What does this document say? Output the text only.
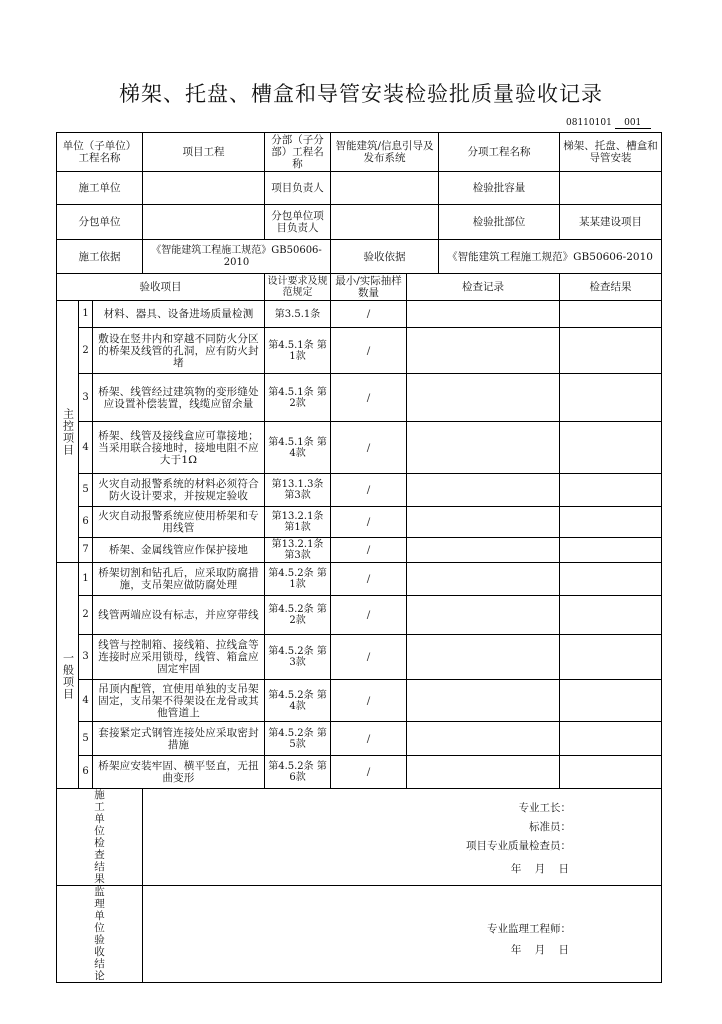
梯架、托盘、槽盒和导管安装检验批质量验收记录
08110101 001
单位（子单位）工程名称			项目工程	分部（子分部）工程名称	智能建筑/信息引导及发布系统		分项工程名称	梯架、托盘、槽盒和导管安装
施工单位				项目负责人			检验批容量	
分包单位				分包单位项目负责人			检验批部位	某某建设项目
施工依据			《智能建筑工程施工规范》GB50606-2010		验收依据		《智能建筑工程施工规范》GB50606-2010	
验收项目				设计要求及规范规定	最小/实际抽样数量	检查记录		检查结果
主控项目	1	材料、器具、设备进场质量检测		第3.5.1条	/			
	2	敷设在竖井内和穿越不同防火分区的桥架及线管的孔洞，应有防火封堵		第4.5.1条 第1款	/			
	3	桥架、线管经过建筑物的变形缝处应设置补偿装置，线缆应留余量		第4.5.1条 第2款	/			
	4	桥架、线管及接线盒应可靠接地；当采用联合接地时，接地电阻不应大于1Ω		第4.5.1条 第4款	/			
	5	火灾自动报警系统的材料必须符合防火设计要求，并按规定验收		第13.1.3条 第3款	/			
	6	火灾自动报警系统应使用桥架和专用线管		第13.2.1条 第1款	/			
	7	桥架、金属线管应作保护接地		第13.2.1条 第3款	/			
一般项目	1	桥架切割和钻孔后，应采取防腐措施，支吊架应做防腐处理		第4.5.2条 第1款	/			
	2	线管两端应设有标志，并应穿带线		第4.5.2条 第2款	/			
	3	线管与控制箱、接线箱、拉线盒等连接时应采用锁母，线管、箱盒应固定牢固		第4.5.2条 第3款	/			
	4	吊顶内配管，宜使用单独的支吊架固定，支吊架不得架设在龙骨或其他管道上		第4.5.2条 第4款	/			
	5	套接紧定式钢管连接处应采取密封措施		第4.5.2条 第5款	/			
	6	桥架应安装牢固、横平竖直，无扭曲变形		第4.5.2条 第6款	/			
施工单位检查结果			专业工长：
标准员：
项目专业质量检查员：
年 月 日					

监理单位验收结论			专业监理工程师：
年 月 日					
